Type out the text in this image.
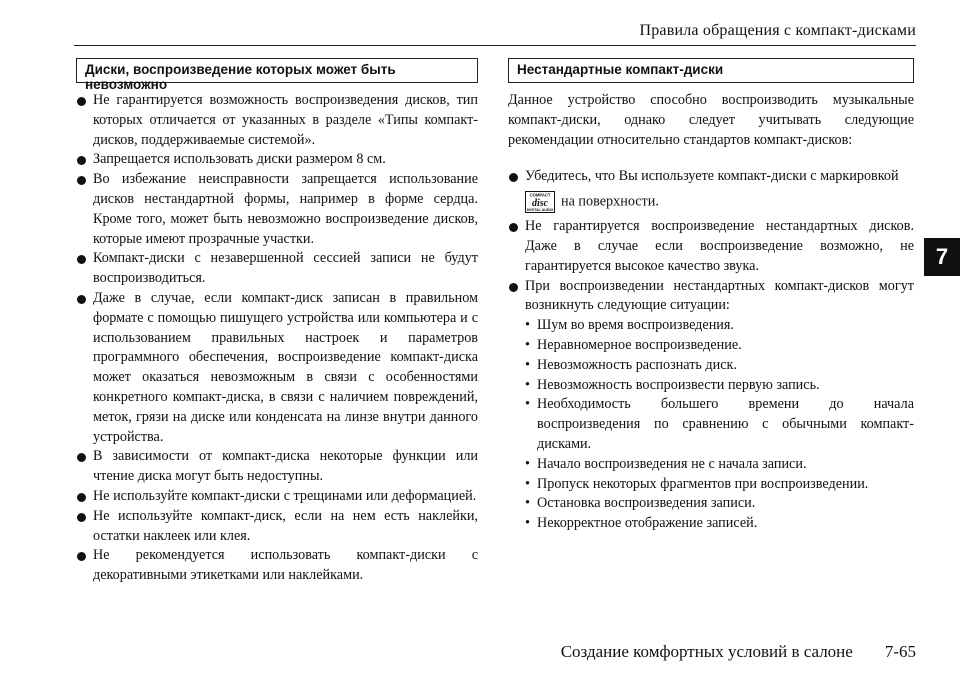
Правила обращения с компакт-дисками
7
Диски, воспроизведение которых может быть невозможно

Не гарантируется возможность воспроизведения дисков, тип которых отличается от указанных в разделе «Типы компакт-дисков, поддерживаемые системой».

Запрещается использовать диски размером 8 см.

Во избежание неисправности запрещается использование дисков нестандартной формы, например в форме сердца. Кроме того, может быть невозможно воспроизведение дисков, которые имеют прозрачные участки.

Компакт-диски с незавершенной сессией записи не будут воспроизводиться.

Даже в случае, если компакт-диск записан в правильном формате с помощью пишущего устройства или компьютера и с использованием правильных настроек и параметров программного обеспечения, воспроизведение компакт-диска может оказаться невозможным в связи с особенностями конкретного компакт-диска, в связи с наличием повреждений, меток, грязи на диске или конденсата на линзе внутри данного устройства.

В зависимости от компакт-диска некоторые функции или чтение диска могут быть недоступны.

Не используйте компакт-диски с трещинами или деформацией.

Не используйте компакт-диск, если на нем есть наклейки, остатки наклеек или клея.

Не рекомендуется использовать компакт-диски с декоративными этикетками или наклейками.

Нестандартные компакт-диски

Данное устройство способно воспроизводить музыкальные компакт-диски, однако следует учитывать следующие рекомендации относительно стандартов компакт-дисков:

Убедитесь, что Вы используете компакт-диски с маркировкой

COMPACT
disc
DIGITAL AUDIO
на поверхности.

Не гарантируется воспроизведение нестандартных дисков. Даже в случае если воспроизведение возможно, не гарантируется высокое качество звука.

При воспроизведении нестандартных компакт-дисков могут возникнуть следующие ситуации:

• Шум во время воспроизведения.

• Неравномерное воспроизведение.

• Невозможность распознать диск.

• Невозможность воспроизвести первую запись.

• Необходимость большего времени до начала воспроизведения по сравнению с обычными компакт-дисками.

• Начало воспроизведения не с начала записи.

• Пропуск некоторых фрагментов при воспроизведении.

• Остановка воспроизведения записи.

• Некорректное отображение записей.

Создание комфортных условий в салоне 7-65
